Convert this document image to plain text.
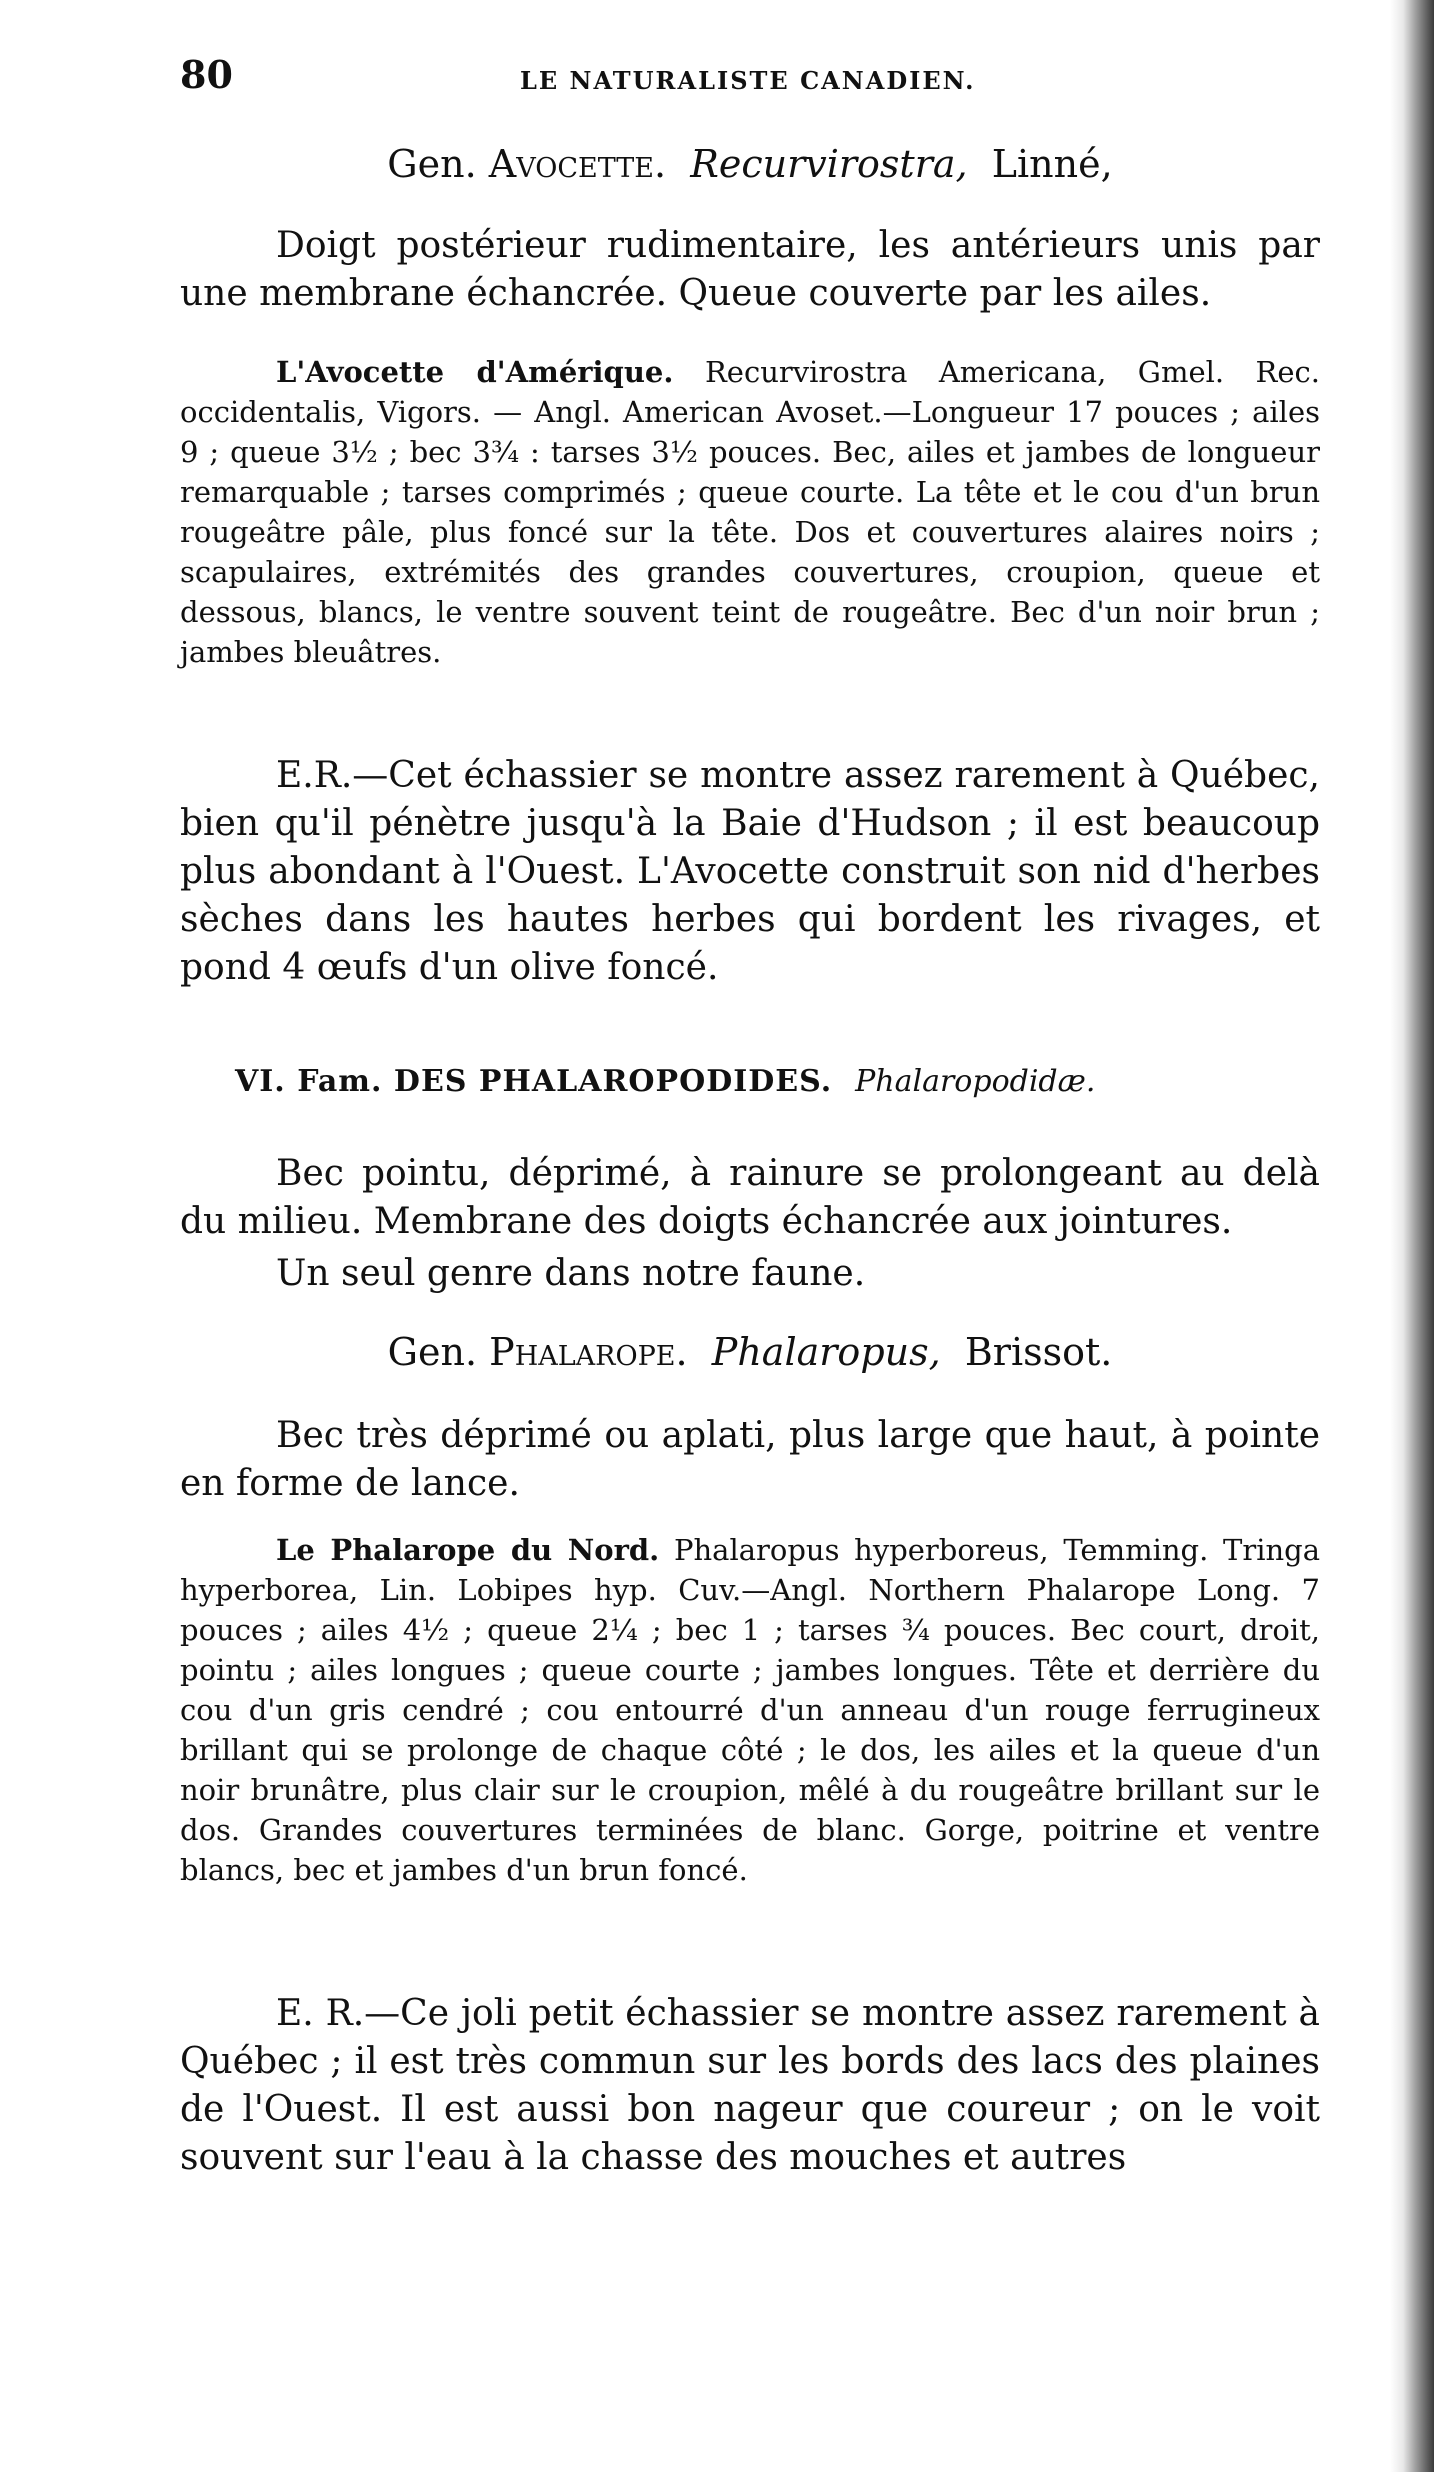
80	LE NATURALISTE CANADIEN.
Gen. Avocette. Recurvirostra, Linné,

Doigt postérieur rudimentaire, les antérieurs unis par une membrane échancrée. Queue couverte par les ailes.

L'Avocette d'Amérique. Recurvirostra Americana, Gmel. Rec. occidentalis, Vigors. — Angl. American Avoset.—Longueur 17 pouces ; ailes 9 ; queue 3½ ; bec 3¾ : tarses 3½ pouces. Bec, ailes et jambes de longueur remarquable ; tarses comprimés ; queue courte. La tête et le cou d'un brun rougeâtre pâle, plus foncé sur la tête. Dos et couvertures alaires noirs ; scapulaires, extrémités des grandes couvertures, croupion, queue et dessous, blancs, le ventre souvent teint de rougeâtre. Bec d'un noir brun ; jambes bleuâtres.

E.R.—Cet échassier se montre assez rarement à Québec, bien qu'il pénètre jusqu'à la Baie d'Hudson ; il est beaucoup plus abondant à l'Ouest. L'Avocette construit son nid d'herbes sèches dans les hautes herbes qui bordent les rivages, et pond 4 œufs d'un olive foncé.

VI. Fam. DES PHALAROPODIDES. Phalaropodidæ.

Bec pointu, déprimé, à rainure se prolongeant au delà du milieu. Membrane des doigts échancrée aux jointures.

Un seul genre dans notre faune.

Gen. Phalarope. Phalaropus, Brissot.

Bec très déprimé ou aplati, plus large que haut, à pointe en forme de lance.

Le Phalarope du Nord. Phalaropus hyperboreus, Temming. Tringa hyperborea, Lin. Lobipes hyp. Cuv.—Angl. Northern Phalarope Long. 7 pouces ; ailes 4½ ; queue 2¼ ; bec 1 ; tarses ¾ pouces. Bec court, droit, pointu ; ailes longues ; queue courte ; jambes longues. Tête et derrière du cou d'un gris cendré ; cou entourré d'un anneau d'un rouge ferrugineux brillant qui se prolonge de chaque côté ; le dos, les ailes et la queue d'un noir brunâtre, plus clair sur le croupion, mêlé à du rougeâtre brillant sur le dos. Grandes couvertures terminées de blanc. Gorge, poitrine et ventre blancs, bec et jambes d'un brun foncé.

E. R.—Ce joli petit échassier se montre assez rarement à Québec ; il est très commun sur les bords des lacs des plaines de l'Ouest. Il est aussi bon nageur que coureur ; on le voit souvent sur l'eau à la chasse des mouches et autres
